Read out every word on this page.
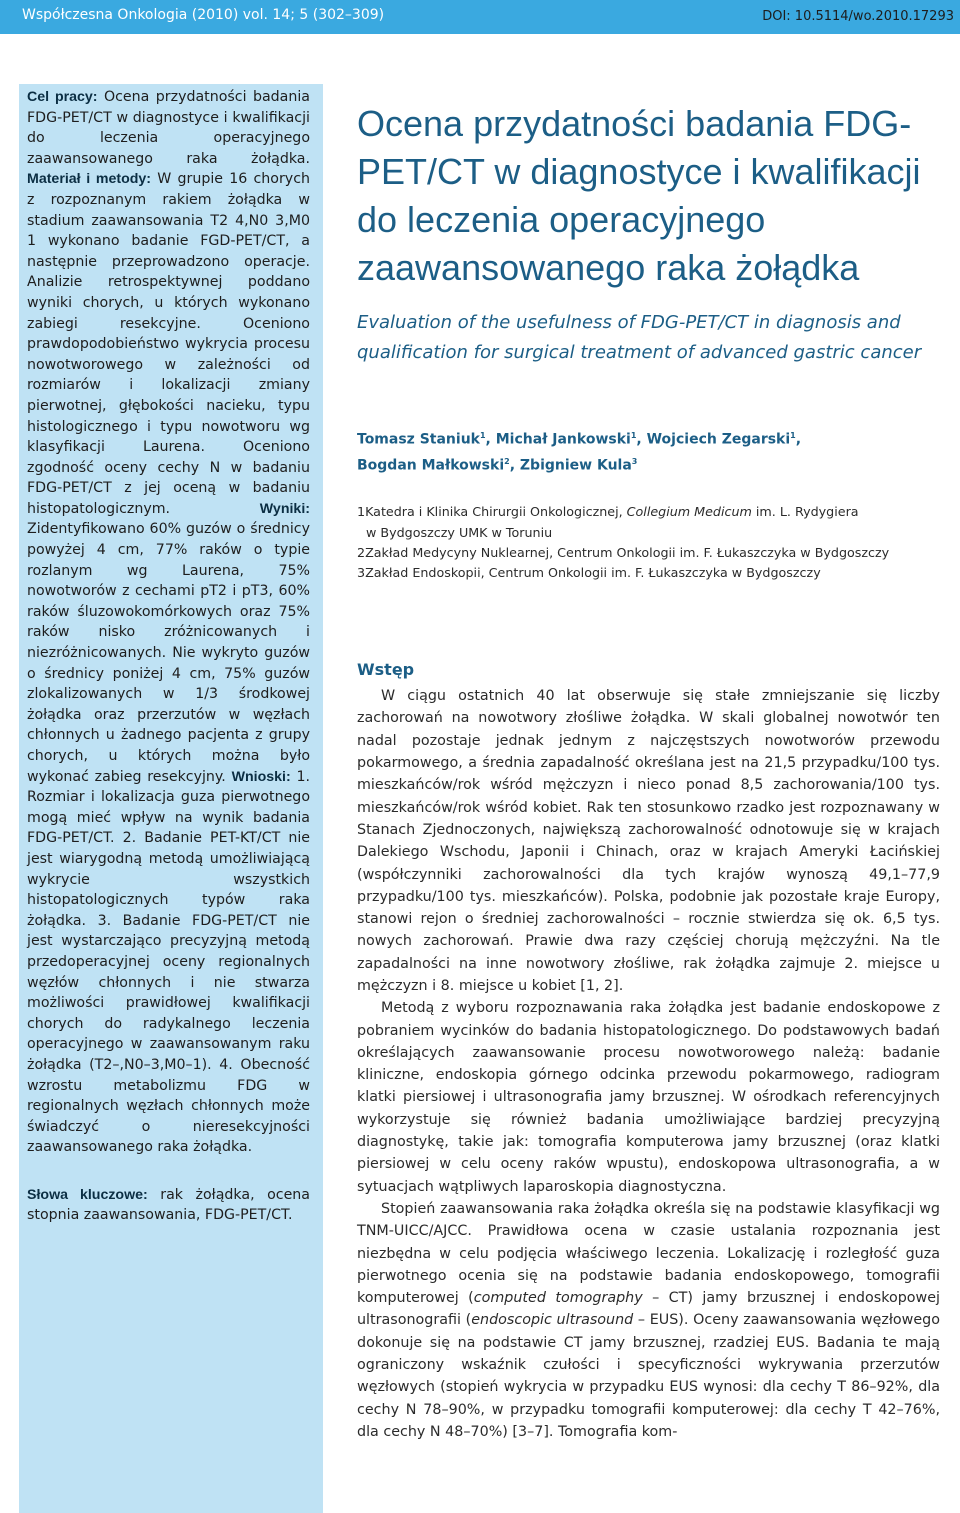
Współczesna Onkologia (2010) vol. 14; 5 (302–309)	DOI: 10.5114/wo.2010.17293

Cel pracy: Ocena przydatności badania FDG-PET/CT w diagnostyce i kwalifikacji do leczenia operacyjnego zaawansowanego raka żołądka. Materiał i metody: W grupie 16 chorych z rozpoznanym rakiem żołądka w stadium zaawansowania T2 4,N0 3,M0 1 wykonano badanie FGD-PET/CT, a następnie przeprowadzono operacje. Analizie retrospektywnej poddano wyniki chorych, u których wykonano zabiegi resekcyjne. Oceniono prawdopodobieństwo wykrycia procesu nowotworowego w zależności od rozmiarów i lokalizacji zmiany pierwotnej, głębokości nacieku, typu histologicznego i typu nowotworu wg klasyfikacji Laurena. Oceniono zgodność oceny cechy N w badaniu FDG-PET/CT z jej oceną w badaniu histopatologicznym.	Wyniki: Zidentyfikowano 60% guzów o średnicy powyżej 4 cm, 77% raków o typie rozlanym wg Laurena, 75% nowotworów z cechami pT2 i pT3, 60% raków śluzowokomórkowych oraz 75% raków nisko zróżnicowanych i niezróżnicowanych. Nie wykryto guzów o średnicy poniżej 4 cm, 75% guzów zlokalizowanych w 1/3 środkowej żołądka oraz przerzutów w węzłach chłonnych u żadnego pacjenta z grupy chorych, u których można było wykonać zabieg resekcyjny. Wnioski: 1. Rozmiar i lokalizacja guza pierwotnego mogą mieć wpływ na wynik badania FDG-PET/CT. 2. Badanie PET-KT/CT nie jest wiarygodną metodą umożliwiającą wykrycie wszystkich histopatologicznych typów raka żołądka. 3. Badanie FDG-PET/CT nie jest wystarczająco precyzyjną metodą przedoperacyjnej oceny regionalnych węzłów chłonnych i nie stwarza możliwości prawidłowej kwalifikacji chorych do radykalnego leczenia operacyjnego w zaawansowanym raku żołądka (T2–,N0–3,M0–1). 4. Obecność wzrostu metabolizmu FDG w regionalnych węzłach chłonnych może świadczyć o nieresekcyjności zaawansowanego raka żołądka.

Słowa kluczowe: rak żołądka, ocena stopnia zaawansowania, FDG-PET/CT.

Ocena przydatności badania FDG-PET/CT w diagnostyce i kwalifikacji do leczenia operacyjnego zaawansowanego raka żołądka
Evaluation of the usefulness of FDG-PET/CT in diagnosis and qualification for surgical treatment of advanced gastric cancer
Tomasz Staniuk$^1$, Michał Jankowski$^1$, Wojciech Zegarski$^1$,
Bogdan Małkowski$^2$, Zbigniew Kula$^3$
1Katedra i Klinika Chirurgii Onkologicznej, Collegium Medicum im. L. Rydygiera
w Bydgoszczy UMK w Toruniu
2Zakład Medycyny Nuklearnej, Centrum Onkologii im. F. Łukaszczyka w Bydgoszczy
3Zakład Endoskopii, Centrum Onkologii im. F. Łukaszczyka w Bydgoszczy
Wstęp

W ciągu ostatnich 40 lat obserwuje się stałe zmniejszanie się liczby zachorowań na nowotwory złośliwe żołądka. W skali globalnej nowotwór ten nadal pozostaje jednak jednym z najczęstszych nowotworów przewodu pokarmowego, a średnia zapadalność określana jest na 21,5 przypadku/100 tys. mieszkańców/rok wśród mężczyzn i nieco ponad 8,5 zachorowania/100 tys. mieszkańców/rok wśród kobiet. Rak ten stosunkowo rzadko jest rozpoznawany w Stanach Zjednoczonych, największą zachorowalność odnotowuje się w krajach Dalekiego Wschodu, Japonii i Chinach, oraz w krajach Ameryki Łacińskiej (współczynniki zachorowalności dla tych krajów wynoszą 49,1–77,9 przypadku/100 tys. mieszkańców). Polska, podobnie jak pozostałe kraje Europy, stanowi rejon o średniej zachorowalności – rocznie stwierdza się ok. 6,5 tys. nowych zachorowań. Prawie dwa razy częściej chorują mężczyźni. Na tle zapadalności na inne nowotwory złośliwe, rak żołądka zajmuje 2. miejsce u mężczyzn i 8. miejsce u kobiet [1, 2].

Metodą z wyboru rozpoznawania raka żołądka jest badanie endoskopowe z pobraniem wycinków do badania histopatologicznego. Do podstawowych badań określających zaawansowanie procesu nowotworowego należą: badanie kliniczne, endoskopia górnego odcinka przewodu pokarmowego, radiogram klatki piersiowej i ultrasonografia jamy brzusznej. W ośrodkach referencyjnych wykorzystuje się również badania umożliwiające bardziej precyzyjną diagnostykę, takie jak: tomografia komputerowa jamy brzusznej (oraz klatki piersiowej w celu oceny raków wpustu), endoskopowa ultrasonografia, a w sytuacjach wątpliwych laparoskopia diagnostyczna.

Stopień zaawansowania raka żołądka określa się na podstawie klasyfikacji wg TNM-UICC/AJCC. Prawidłowa ocena w czasie ustalania rozpoznania jest niezbędna w celu podjęcia właściwego leczenia. Lokalizację i rozległość guza pierwotnego ocenia się na podstawie badania endoskopowego, tomografii komputerowej (computed tomography – CT) jamy brzusznej i endoskopowej ultrasonografii (endoscopic ultrasound – EUS). Oceny zaawansowania węzłowego dokonuje się na podstawie CT jamy brzusznej, rzadziej EUS. Badania te mają ograniczony wskaźnik czułości i specyficzności wykrywania przerzutów węzłowych (stopień wykrycia w przypadku EUS wynosi: dla cechy T 86–92%, dla cechy N 78–90%, w przypadku tomografii komputerowej: dla cechy T 42–76%, dla cechy N 48–70%) [3–7]. Tomografia kom-
